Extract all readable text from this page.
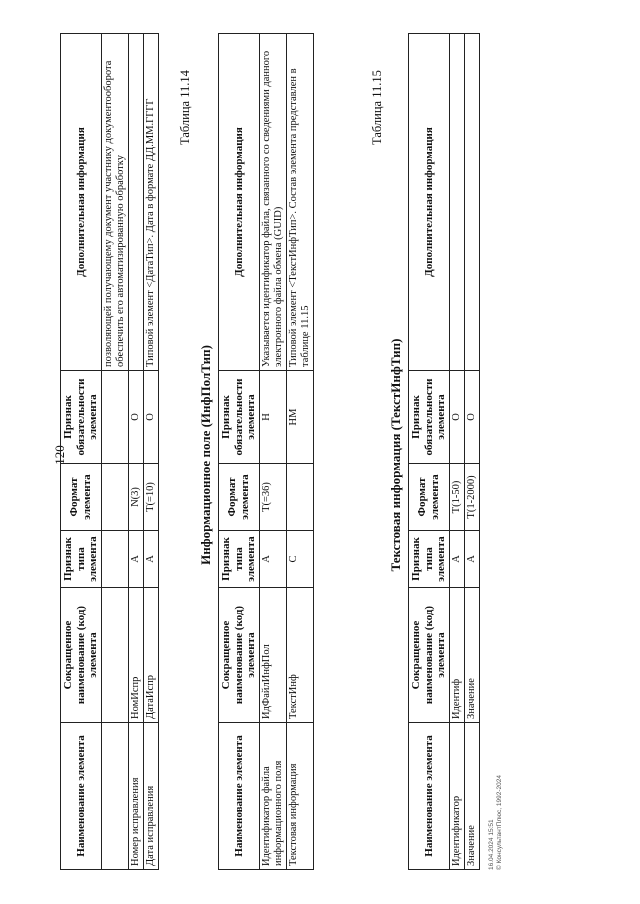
120
Наименование элемента	Сокращенное наименование (код) элемента	Признак типа элемента	Формат элемента	Признак обязательности элемента	Дополнительная информация
					позволяющей получающему документ участнику документооборота обеспечить его автоматизированную обработку
Номер исправления	НомИспр	А	N(3)	О	
Дата исправления	ДатаИспр	А	T(=10)	О	Типовой элемент <ДатаТип>. Дата в формате ДД.ММ.ГГГГ Таблица 11.14
Информационное поле (ИнфПолТип)
Наименование элемента	Сокращенное наименование (код) элемента	Признак типа элемента	Формат элемента	Признак обязательности элемента	Дополнительная информация
Идентификатор файла информационного поля	ИдФайлИнфПол	А	T(=36)	Н	Указывается идентификатор файла, связанного со сведениями данного электронного файла обмена (GUID)
Текстовая информация	ТекстИнф	С		НМ	Типовой элемент <ТекстИнфТип>. Состав элемента представлен в таблице 11.15
Таблица 11.15
Текстовая информация (ТекстИнфТип)
Наименование элемента	Сокращенное наименование (код) элемента	Признак типа элемента	Формат элемента	Признак обязательности элемента	Дополнительная информация
Идентификатор	Идентиф	А	T(1-50)	О	
Значение	Значение	А	T(1-2000)	О	
16.04.2024 15:51 © КонсультантПлюс, 1992-2024
